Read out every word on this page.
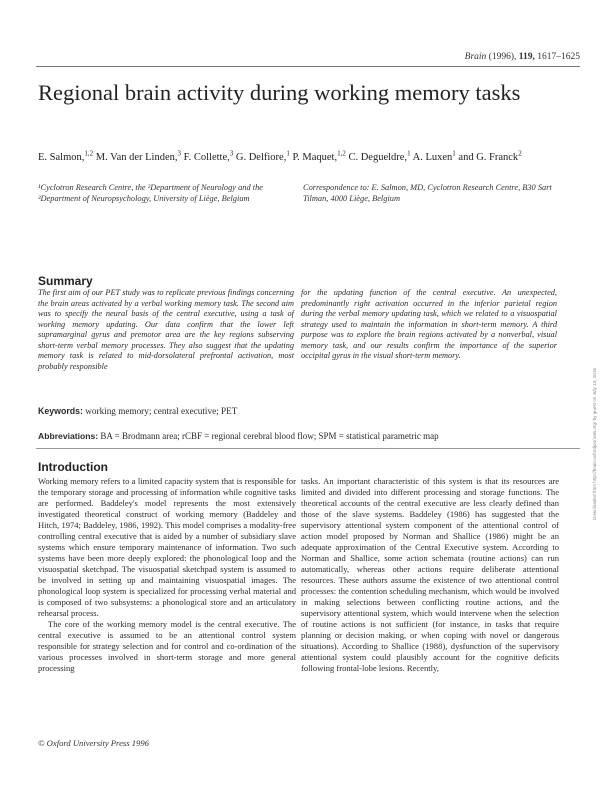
Brain (1996), 119, 1617–1625
Regional brain activity during working memory tasks
E. Salmon,$^{1,2}$ M. Van der Linden,$^3$ F. Collette,$^3$ G. Delfiore,$^1$ P. Maquet,$^{1,2}$ C. Degueldre,$^1$ A. Luxen$^1$ and G. Franck$^2$
¹Cyclotron Research Centre, the ²Department of Neurology and the ³Department of Neuropsychology, University of Liège, Belgium
Correspondence to: E. Salmon, MD, Cyclotron Research Centre, B30 Sart Tilman, 4000 Liège, Belgium
Summary
The first aim of our PET study was to replicate previous findings concerning the brain areas activated by a verbal working memory task. The second aim was to specify the neural basis of the central executive, using a task of working memory updating. Our data confirm that the lower left supramarginal gyrus and premotor area are the key regions subserving short-term verbal memory processes. They also suggest that the updating memory task is related to mid-dorsolateral prefrontal activation, most probably responsible
for the updating function of the central executive. An unexpected, predominantly right activation occurred in the inferior parietal region during the verbal memory updating task, which we related to a visuospatial strategy used to maintain the information in short-term memory. A third purpose was to explore the brain regions activated by a nonverbal, visual memory task, and our results confirm the importance of the superior occipital gyrus in the visual short-term memory.
Keywords: working memory; central executive; PET
Abbreviations: BA = Brodmann area; rCBF = regional cerebral blood flow; SPM = statistical parametric map
Introduction

Working memory refers to a limited capacity system that is responsible for the temporary storage and processing of information while cognitive tasks are performed. Baddeley's model represents the most extensively investigated theoretical construct of working memory (Baddeley and Hitch, 1974; Baddeley, 1986, 1992). This model comprises a modality-free controlling central executive that is aided by a number of subsidiary slave systems which ensure temporary maintenance of information. Two such systems have been more deeply explored: the phonological loop and the visuospatial sketchpad. The visuospatial sketchpad system is assumed to be involved in setting up and maintaining visuospatial images. The phonological loop system is specialized for processing verbal material and is composed of two subsystems: a phonological store and an articulatory rehearsal process.

The core of the working memory model is the central executive. The central executive is assumed to be an attentional control system responsible for strategy selection and for control and co-ordination of the various processes involved in short-term storage and more general processing

tasks. An important characteristic of this system is that its resources are limited and divided into different processing and storage functions. The theoretical accounts of the central executive are less clearly defined than those of the slave systems. Baddeley (1986) has suggested that the supervisory attentional system component of the attentional control of action model proposed by Norman and Shallice (1986) might be an adequate approximation of the Central Executive system. According to Norman and Shallice, some action schemata (routine actions) can run automatically, whereas other actions require deliberate attentional resources. These authors assume the existence of two attentional control processes: the contention scheduling mechanism, which would be involved in making selections between conflicting routine actions, and the supervisory attentional system, which would intervene when the selection of routine actions is not sufficient (for instance, in tasks that require planning or decision making, or when coping with novel or dangerous situations). According to Shallice (1988), dysfunction of the supervisory attentional system could plausibly account for the cognitive deficits following frontal-lobe lesions. Recently,

© Oxford University Press 1996
Downloaded from http://brain.oxfordjournals.org/ by guest on July 13, 2016
